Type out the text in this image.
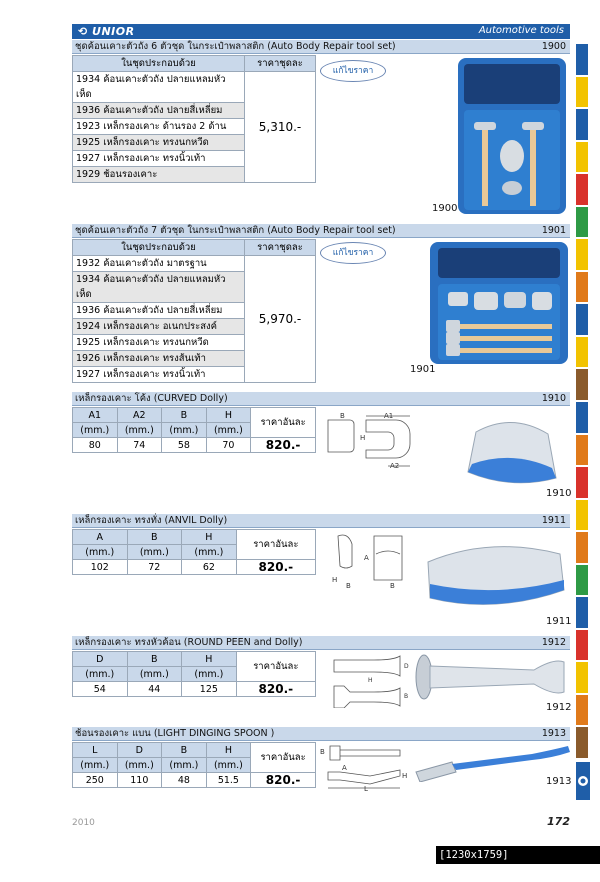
⟲ UNIOR	Automotive tools
ชุดค้อนเคาะตัวถัง 6 ตัวชุด ในกระเป๋าพลาสติก (Auto Body Repair tool set)	1900
ในชุดประกอบด้วย	ราคาชุดละ
1934 ค้อนเคาะตัวถัง ปลายแหลมหัวเห็ด	5,310.-
1936 ค้อนเคาะตัวถัง ปลายสี่เหลี่ยม	
1923 เหล็กรองเคาะ ด้านรอง 2 ด้าน	
1925 เหล็กรองเคาะ ทรงนกหวีด	
1927 เหล็กรองเคาะ ทรงนิ้วเท้า	
1929 ช้อนรองเคาะ	
แก้ไขราคา
1900
ชุดค้อนเคาะตัวถัง 7 ตัวชุด ในกระเป๋าพลาสติก (Auto Body Repair tool set)	1901
ในชุดประกอบด้วย	ราคาชุดละ
1932 ค้อนเคาะตัวถัง มาตรฐาน	5,970.-
1934 ค้อนเคาะตัวถัง ปลายแหลมหัวเห็ด	
1936 ค้อนเคาะตัวถัง ปลายสี่เหลี่ยม	
1924 เหล็กรองเคาะ อเนกประสงค์	
1925 เหล็กรองเคาะ ทรงนกหวีด	
1926 เหล็กรองเคาะ ทรงส้นเท้า	
1927 เหล็กรองเคาะ ทรงนิ้วเท้า	
แก้ไขราคา
1901
เหล็กรองเคาะ โค้ง (CURVED Dolly)	1910
A1	A2	B	H	ราคาอันละ
(mm.)	(mm.)	(mm.)	(mm.)	
80	74	58	70	820.-
B	A1
H
A2
1910
เหล็กรองเคาะ ทรงทั่ง (ANVIL Dolly)	1911
A	B	H	ราคาอันละ
(mm.)	(mm.)	(mm.)	
102	72	62	820.-
A
H
B	B
1911
เหล็กรองเคาะ ทรงหัวค้อน (ROUND PEEN and Dolly)	1912
D	B	H	ราคาอันละ
(mm.)	(mm.)	(mm.)	
54	44	125	820.-
H
D
B
1912
ช้อนรองเคาะ แบน (LIGHT DINGING SPOON )	1913
L	D	B	H	ราคาอันละ
(mm.)	(mm.)	(mm.)	(mm.)	
250	110	48	51.5	820.-
B
A
L
H	1913
2010	172
[1230x1759] http://upic.me/
